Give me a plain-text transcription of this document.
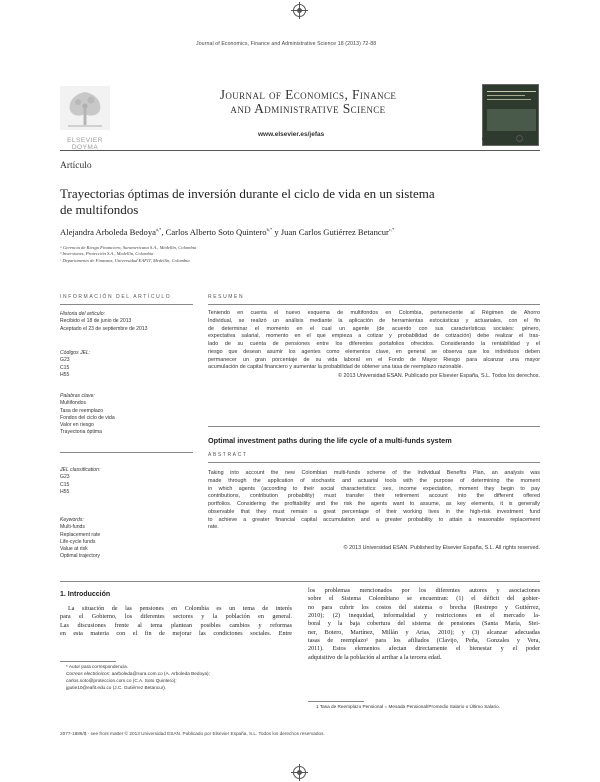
Journal of Economics, Finance and Administrative Science 18 (2013) 72-88
ELSEVIER
DOYMA
Journal of Economics, Finance
and Administrative Science
www.elsevier.es/jefas
ESAN
Artículo
Trayectorias óptimas de inversión durante el ciclo de vida en un sistema
de multifondos
Alejandra Arboleda Bedoya$^{a,*}$, Carlos Alberto Soto Quintero$^{b,*}$ y Juan Carlos Gutiérrez Betancur$^{c,*}$
ᵃ Gerencia de Riesgo Financiero, Suramericana S.A., Medellín, Colombia
ᵇ Inversiones, Protección S.A., Medellín, Colombia
ᶜ Departamento de Finanzas, Universidad EAFIT, Medellín, Colombia
INFORMACIÓN DEL ARTÍCULO	RESUMEN
Historia del artículo:
Recibido el 18 de junio de 2013
Aceptado el 23 de septiembre de 2013
Códigos JEL:
G23
C15
H55
Palabras clave:
Multifondos
Tasa de reemplazo
Fondos del ciclo de vida
Valor en riesgo
Trayectoria óptima
Teniendo en cuenta el nuevo esquema de multifondos en Colombia, perteneciente al Régimen de Ahorro
Individual, se realizó un análisis mediante la aplicación de herramientas estocásticas y actuariales, con el fin
de determinar el momento en el cual un agente (de acuerdo con sus características sociales: género,
expectativa salarial, momento en el que empieza a cotizar y probabilidad de cotización) debe realizar el tras-
lado de su cuenta de pensiones entre los diferentes portafolios ofrecidos. Considerando la rentabilidad y el
riesgo que desean asumir los agentes como elementos clave, en general se observa que los individuos deben
permanecer un gran porcentaje de su vida laboral en el Fondo de Mayor Riesgo para alcanzar una mayor
acumulación de capital financiero y aumentar la probabilidad de obtener una tasa de reemplazo razonable.
© 2013 Universidad ESAN. Publicado por Elsevier España, S.L. Todos los derechos.
Optimal investment paths during the life cycle of a multi-funds system
ABSTRACT
JEL classification:
G23
C15
H55
Keywords:
Multi-funds
Replacement rate
Life-cycle funds
Value at risk
Optimal trajectory
Taking into account the new Colombian multi-funds scheme of the Individual Benefits Plan, an analysis was
made through the application of stochastic and actuarial tools with the purpose of determining the moment
in which agents (according to their social characteristics: sex, income expectation, moment they begin to pay
contributions, contribution probability) must transfer their retirement account into the different offered
portfolios. Considering the profitability and the risk the agents want to assume, as key elements, it is generally
observable that they must remain a great percentage of their working lives in the high-risk investment fund
to achieve a greater financial capital accumulation and a greater probability to attain a reasonable replacement
rate.
© 2013 Universidad ESAN. Published by Elsevier España, S.L. All rights reserved.
1. Introducción
La situación de las pensiones en Colombia es un tema de interés
para el Gobierno, los diferentes sectores y la población en general.
Las discusiones frente al tema plantean posibles cambios y reformas
en esta materia con el fin de mejorar las condiciones sociales. Entre
los problemas mencionados por los diferentes autores y asociaciones
sobre el Sistema Colombiano se encuentran: (1) el déficit del gobier-
no para cubrir los costos del sistema o brecha (Restrepo y Gutiérrez,
2010); (2) inequidad, informalidad y restricciones en el mercado la-
boral y la baja cobertura del sistema de pensiones (Santa María, Stei-
ner, Botero, Martínez, Millán y Arias, 2010); y (3) alcanzar adecuadas
tasas de reemplazo¹ para los afiliados (Clavijo, Peña, Gonzales y Vera,
2011). Estos elementos afectan directamente el bienestar y el poder
adquisitivo de la población al arribar a la tercera edad.
* Autor para correspondencia.
Correos electrónicos: aarboleda@sura.com.co (A. Arboleda Bedoya);
carlos.soto@proteccion.com.co (C.A. Soto Quintero);
jgutie10@eafit.edu.co (J.C. Gutiérrez Betancur).
1 Tasa de Reemplazo Pensional = Mesada Pensional/Promedio Salario o Último Salario.
2077-1886/$ - see front matter © 2013 Universidad ESAN. Publicado por Elsevier España, S.L. Todos los derechos reservados.
